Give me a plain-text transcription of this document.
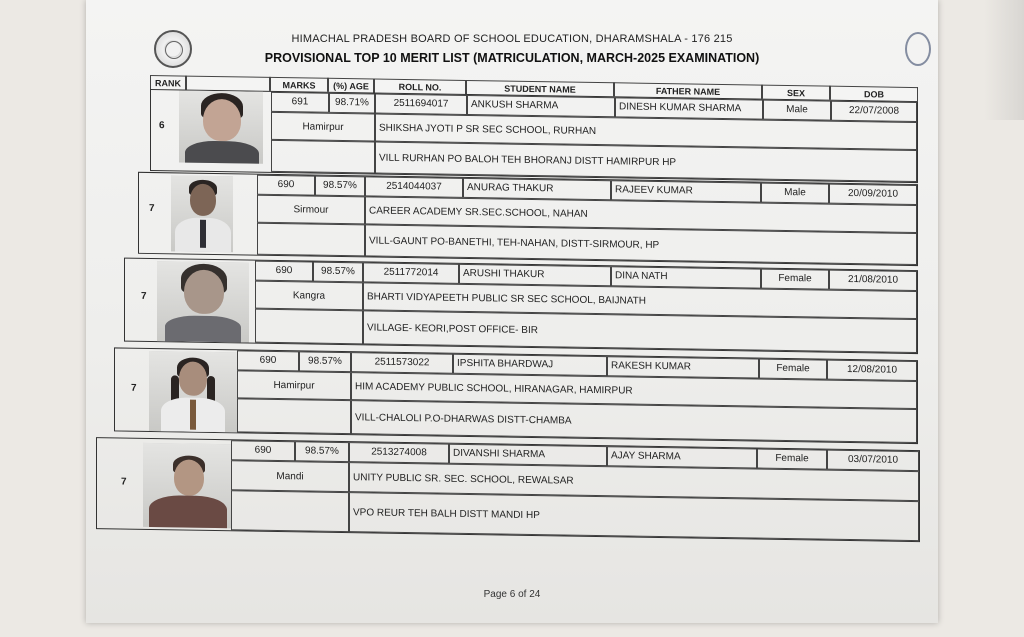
HIMACHAL PRADESH BOARD OF SCHOOL EDUCATION, DHARAMSHALA - 176 215
PROVISIONAL TOP 10 MERIT LIST (MATRICULATION, MARCH-2025 EXAMINATION)
RANK	MARKS	(%) AGE	ROLL NO.	STUDENT NAME	FATHER NAME	SEX	DOB
6
691	98.71%	2511694017	ANKUSH SHARMA	DINESH KUMAR SHARMA	Male	22/07/2008
Hamirpur	SHIKSHA JYOTI P SR SEC SCHOOL, RURHAN
VILL RURHAN PO BALOH TEH BHORANJ DISTT HAMIRPUR HP
7
690	98.57%	2514044037	ANURAG THAKUR	RAJEEV KUMAR	Male	20/09/2010
Sirmour	CAREER ACADEMY SR.SEC.SCHOOL, NAHAN
VILL-GAUNT PO-BANETHI, TEH-NAHAN, DISTT-SIRMOUR, HP
7
690	98.57%	2511772014	ARUSHI THAKUR	DINA NATH	Female	21/08/2010
Kangra	BHARTI VIDYAPEETH PUBLIC SR SEC SCHOOL, BAIJNATH
VILLAGE- KEORI,POST OFFICE- BIR
7
690	98.57%	2511573022	IPSHITA BHARDWAJ	RAKESH KUMAR	Female	12/08/2010
Hamirpur	HIM ACADEMY PUBLIC SCHOOL, HIRANAGAR, HAMIRPUR
VILL-CHALOLI P.O-DHARWAS DISTT-CHAMBA
7
690	98.57%	2513274008	DIVANSHI SHARMA	AJAY SHARMA	Female	03/07/2010
Mandi	UNITY PUBLIC SR. SEC. SCHOOL, REWALSAR
VPO REUR TEH BALH DISTT MANDI HP
Page 6 of 24
